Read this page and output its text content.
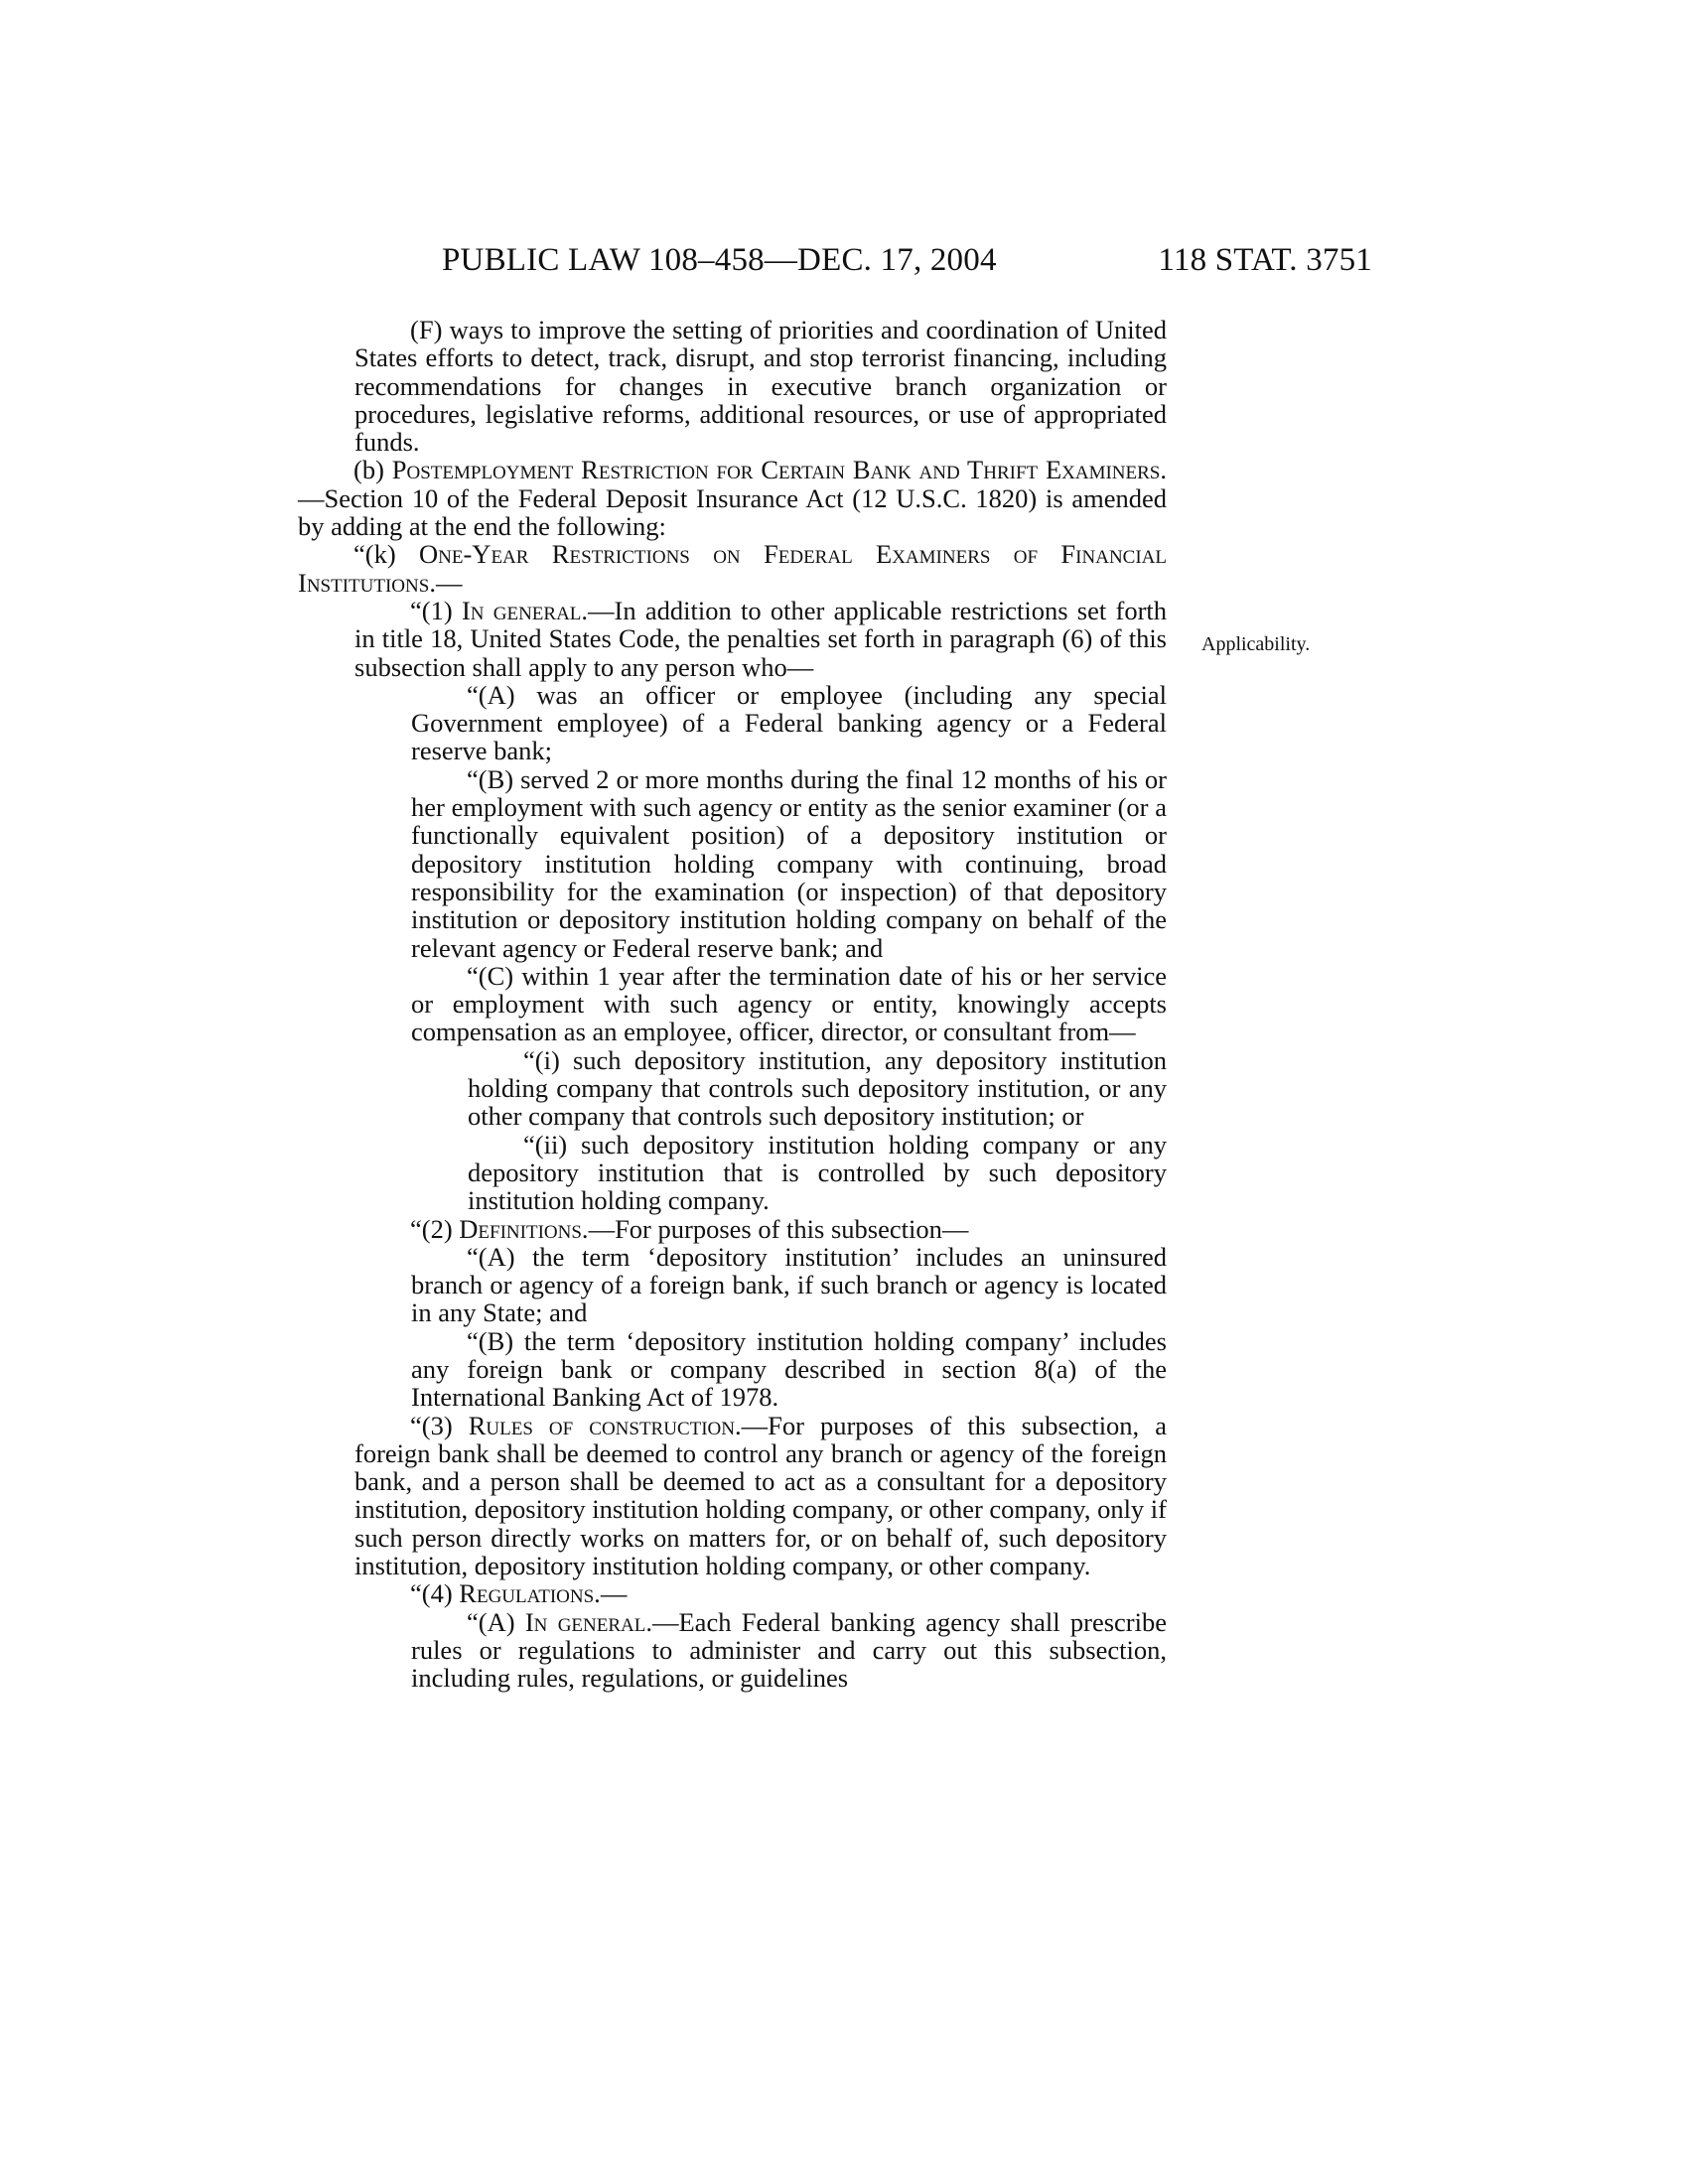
PUBLIC LAW 108–458—DEC. 17, 2004	118 STAT. 3751
Applicability.

(F) ways to improve the setting of priorities and coordination of United States efforts to detect, track, disrupt, and stop terrorist financing, including recommendations for changes in executive branch organization or procedures, legislative reforms, additional resources, or use of appropriated funds.

(b) Postemployment Restriction for Certain Bank and Thrift Examiners.—Section 10 of the Federal Deposit Insurance Act (12 U.S.C. 1820) is amended by adding at the end the following:

“(k) One-Year Restrictions on Federal Examiners of Financial Institutions.—

“(1) In general.—In addition to other applicable restrictions set forth in title 18, United States Code, the penalties set forth in paragraph (6) of this subsection shall apply to any person who—

“(A) was an officer or employee (including any special Government employee) of a Federal banking agency or a Federal reserve bank;

“(B) served 2 or more months during the final 12 months of his or her employment with such agency or entity as the senior examiner (or a functionally equivalent position) of a depository institution or depository institution holding company with continuing, broad responsibility for the examination (or inspection) of that depository institution or depository institution holding company on behalf of the relevant agency or Federal reserve bank; and

“(C) within 1 year after the termination date of his or her service or employment with such agency or entity, knowingly accepts compensation as an employee, officer, director, or consultant from—

“(i) such depository institution, any depository institution holding company that controls such depository institution, or any other company that controls such depository institution; or

“(ii) such depository institution holding company or any depository institution that is controlled by such depository institution holding company.

“(2) Definitions.—For purposes of this subsection—

“(A) the term ‘depository institution’ includes an uninsured branch or agency of a foreign bank, if such branch or agency is located in any State; and

“(B) the term ‘depository institution holding company’ includes any foreign bank or company described in section 8(a) of the International Banking Act of 1978.

“(3) Rules of construction.—For purposes of this subsection, a foreign bank shall be deemed to control any branch or agency of the foreign bank, and a person shall be deemed to act as a consultant for a depository institution, depository institution holding company, or other company, only if such person directly works on matters for, or on behalf of, such depository institution, depository institution holding company, or other company.

“(4) Regulations.—

“(A) In general.—Each Federal banking agency shall prescribe rules or regulations to administer and carry out this subsection, including rules, regulations, or guidelines
